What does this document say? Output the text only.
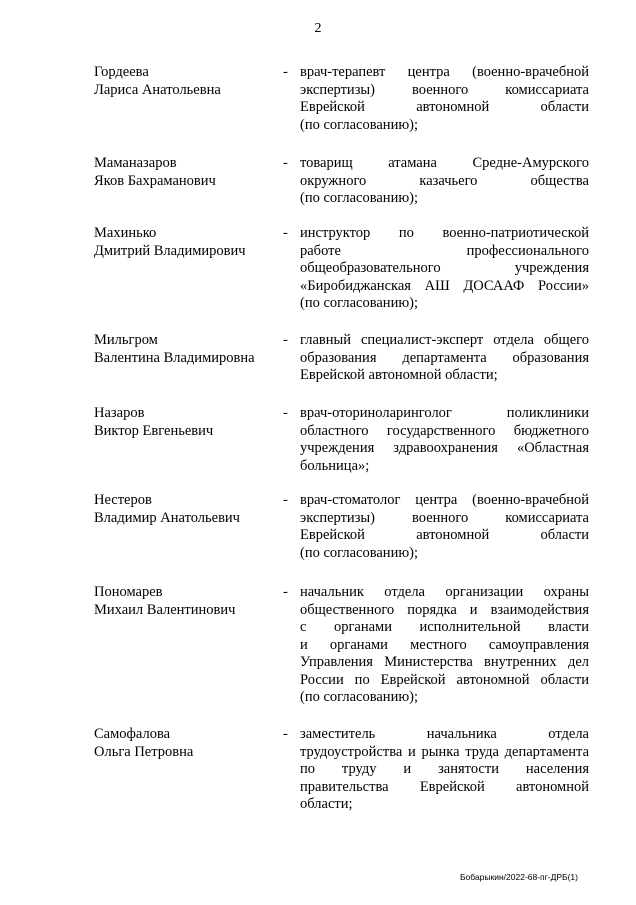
2
Гордеева
Лариса Анатольевна
- врач-терапевт центра (военно-врачебной
экспертизы) военного комиссариата
Еврейской автономной области
(по согласованию);
Маманазаров
Яков Бахраманович
- товарищ атамана Средне-Амурского
окружного казачьего общества
(по согласованию);
Махинько
Дмитрий Владимирович
- инструктор по военно-патриотической
работе профессионального
общеобразовательного учреждения
«Биробиджанская АШ ДОСААФ России»
(по согласованию);
Мильгром
Валентина Владимировна
- главный специалист-эксперт отдела общего
образования департамента образования
Еврейской автономной области;
Назаров
Виктор Евгеньевич
- врач-оториноларинголог поликлиники
областного государственного бюджетного
учреждения здравоохранения «Областная
больница»;
Нестеров
Владимир Анатольевич
- врач-стоматолог центра (военно-врачебной
экспертизы) военного комиссариата
Еврейской автономной области
(по согласованию);
Пономарев
Михаил Валентинович
- начальник отдела организации охраны
общественного порядка и взаимодействия
с органами исполнительной власти
и органами местного самоуправления
Управления Министерства внутренних дел
России по Еврейской автономной области
(по согласованию);
Самофалова
Ольга Петровна
- заместитель начальника отдела
трудоустройства и рынка труда департамента
по труду и занятости населения
правительства Еврейской автономной
области;
Бобарыкин/2022-68-пг-ДРБ(1)
